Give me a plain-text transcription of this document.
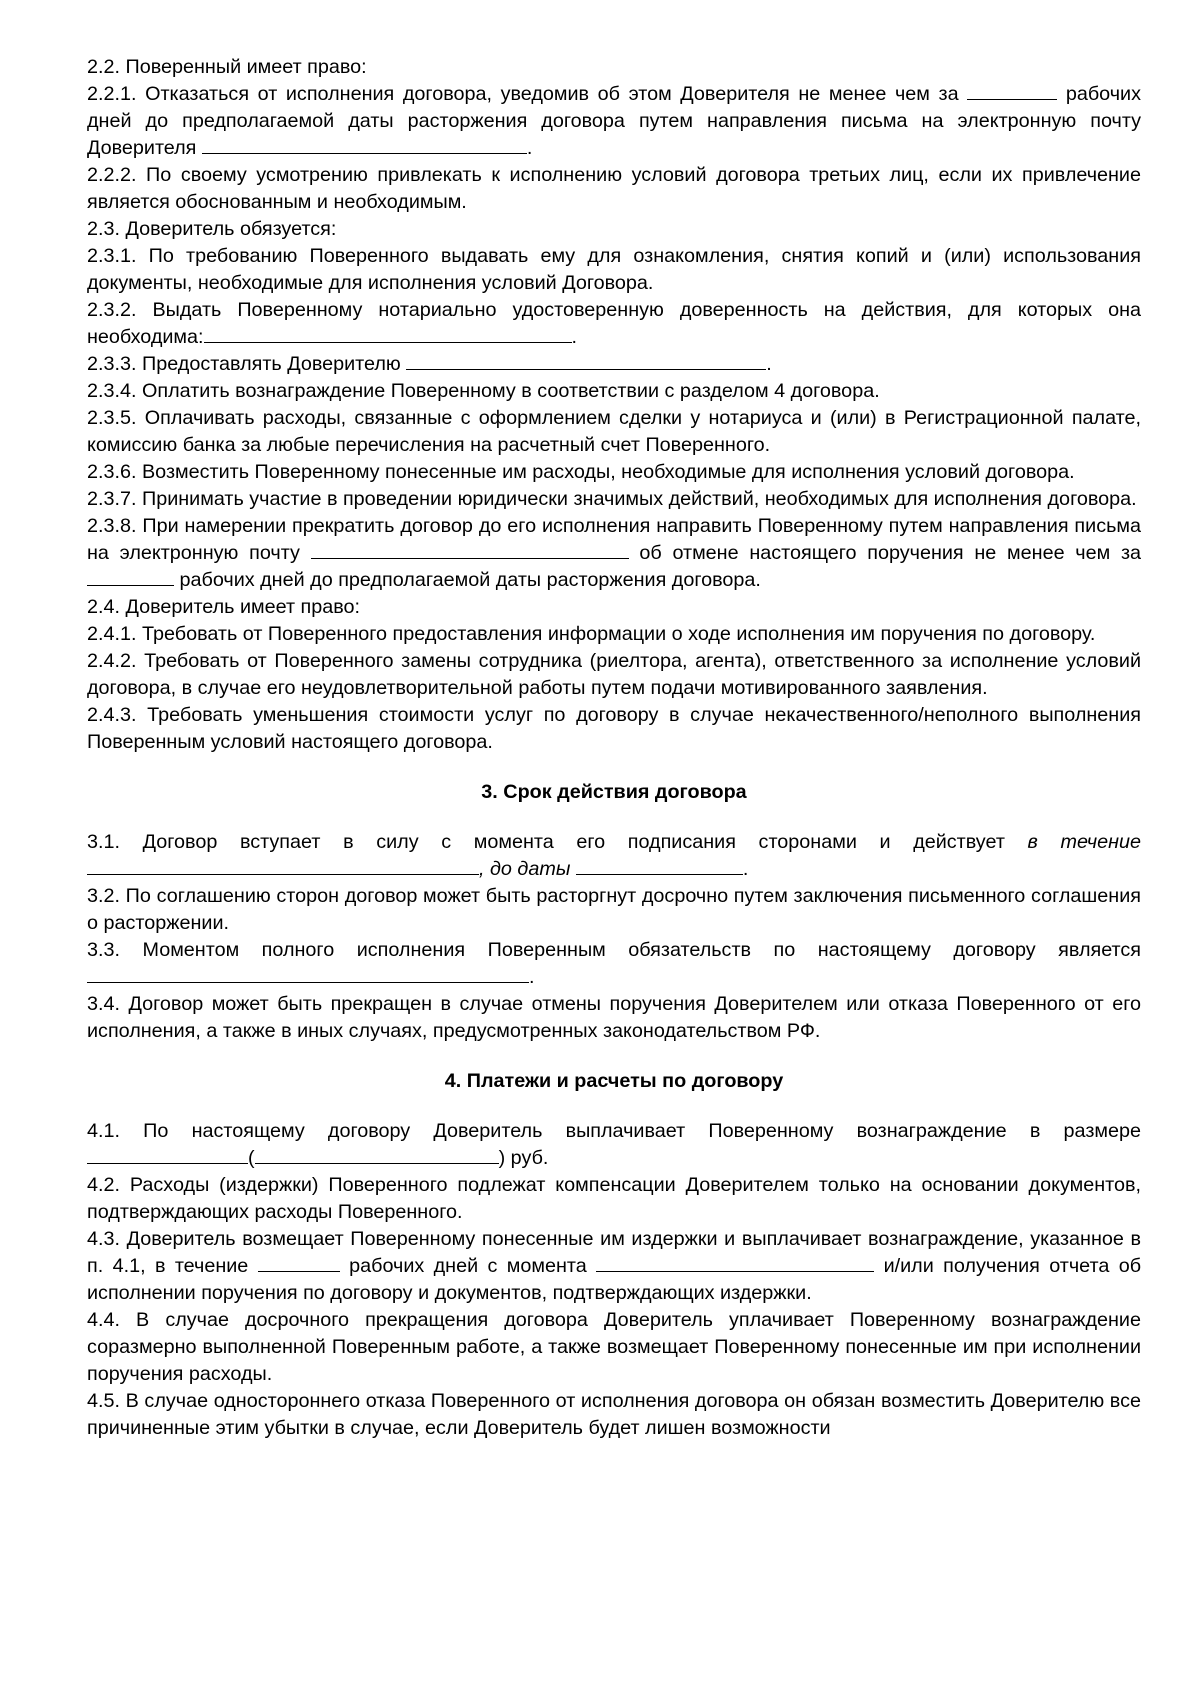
2.2. Поверенный имеет право:

2.2.1. Отказаться от исполнения договора, уведомив об этом Доверителя не менее чем за	рабочих дней до предполагаемой даты расторжения договора путем направления письма на электронную почту Доверителя	.

2.2.2. По своему усмотрению привлекать к исполнению условий договора третьих лиц, если их привлечение является обоснованным и необходимым.

2.3. Доверитель обязуется:

2.3.1. По требованию Поверенного выдавать ему для ознакомления, снятия копий и (или) использования документы, необходимые для исполнения условий Договора.

2.3.2. Выдать Поверенному нотариально удостоверенную доверенность на действия, для которых она необходима:	.

2.3.3. Предоставлять Доверителю	.

2.3.4. Оплатить вознаграждение Поверенному в соответствии с разделом 4 договора.

2.3.5. Оплачивать расходы, связанные с оформлением сделки у нотариуса и (или) в Регистрационной палате, комиссию банка за любые перечисления на расчетный счет Поверенного.

2.3.6. Возместить Поверенному понесенные им расходы, необходимые для исполнения условий договора.

2.3.7. Принимать участие в проведении юридически значимых действий, необходимых для исполнения договора.

2.3.8. При намерении прекратить договор до его исполнения направить Поверенному путем направления письма на электронную почту	об отмене настоящего поручения не менее чем за  рабочих дней до предполагаемой даты расторжения договора.

2.4. Доверитель имеет право:

2.4.1. Требовать от Поверенного предоставления информации о ходе исполнения им поручения по договору.

2.4.2. Требовать от Поверенного замены сотрудника (риелтора, агента), ответственного за исполнение условий договора, в случае его неудовлетворительной работы путем подачи мотивированного заявления.

2.4.3. Требовать уменьшения стоимости услуг по договору в случае некачественного/неполного выполнения Поверенным условий настоящего договора.

3. Срок действия договора

3.1. Договор вступает в силу с момента его подписания сторонами и действует в течение , до даты	.

3.2. По соглашению сторон договор может быть расторгнут досрочно путем заключения письменного соглашения о расторжении.

3.3. Моментом полного исполнения Поверенным обязательств по настоящему договору является .

3.4. Договор может быть прекращен в случае отмены поручения Доверителем или отказа Поверенного от его исполнения, а также в иных случаях, предусмотренных законодательством РФ.

4. Платежи и расчеты по договору

4.1. По настоящему договору Доверитель выплачивает Поверенному вознаграждение в размере (	) руб.

4.2. Расходы (издержки) Поверенного подлежат компенсации Доверителем только на основании документов, подтверждающих расходы Поверенного.

4.3. Доверитель возмещает Поверенному понесенные им издержки и выплачивает вознаграждение, указанное в п. 4.1, в течение	рабочих дней с момента	и/или получения отчета об исполнении поручения по договору и документов, подтверждающих издержки.

4.4. В случае досрочного прекращения договора Доверитель уплачивает Поверенному вознаграждение соразмерно выполненной Поверенным работе, а также возмещает Поверенному понесенные им при исполнении поручения расходы.

4.5. В случае одностороннего отказа Поверенного от исполнения договора он обязан возместить Доверителю все причиненные этим убытки в случае, если Доверитель будет лишен возможности
